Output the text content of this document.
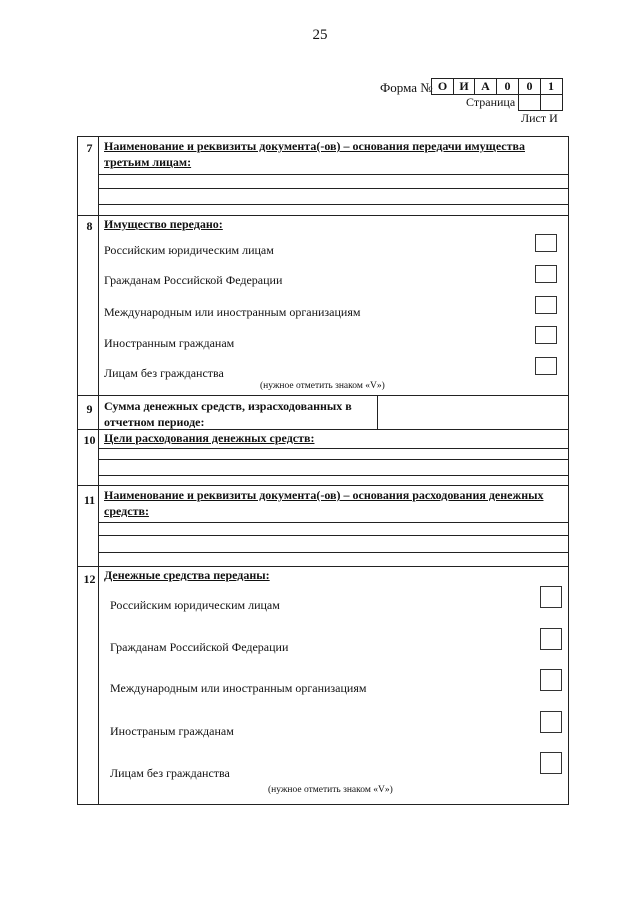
25
Форма № О	И	А	0	0	1
Страница
Лист И
7 Наименование и реквизиты документа(-ов) – основания передачи имущества третьим лицам:
8 Имущество передано:
Российским юридическим лицам
Гражданам Российской Федерации
Международным или иностранным организациям
Иностранным гражданам
Лицам без гражданства
(нужное отметить знаком «V»)
9 Сумма денежных средств, израсходованных в отчетном периоде:
10 Цели расходования денежных средств:
11 Наименование и реквизиты документа(-ов) – основания расходования денежных средств:
12 Денежные средства переданы:
Российским юридическим лицам
Гражданам Российской Федерации
Международным или иностранным организациям
Иностраным гражданам
Лицам без гражданства
(нужное отметить знаком «V»)
